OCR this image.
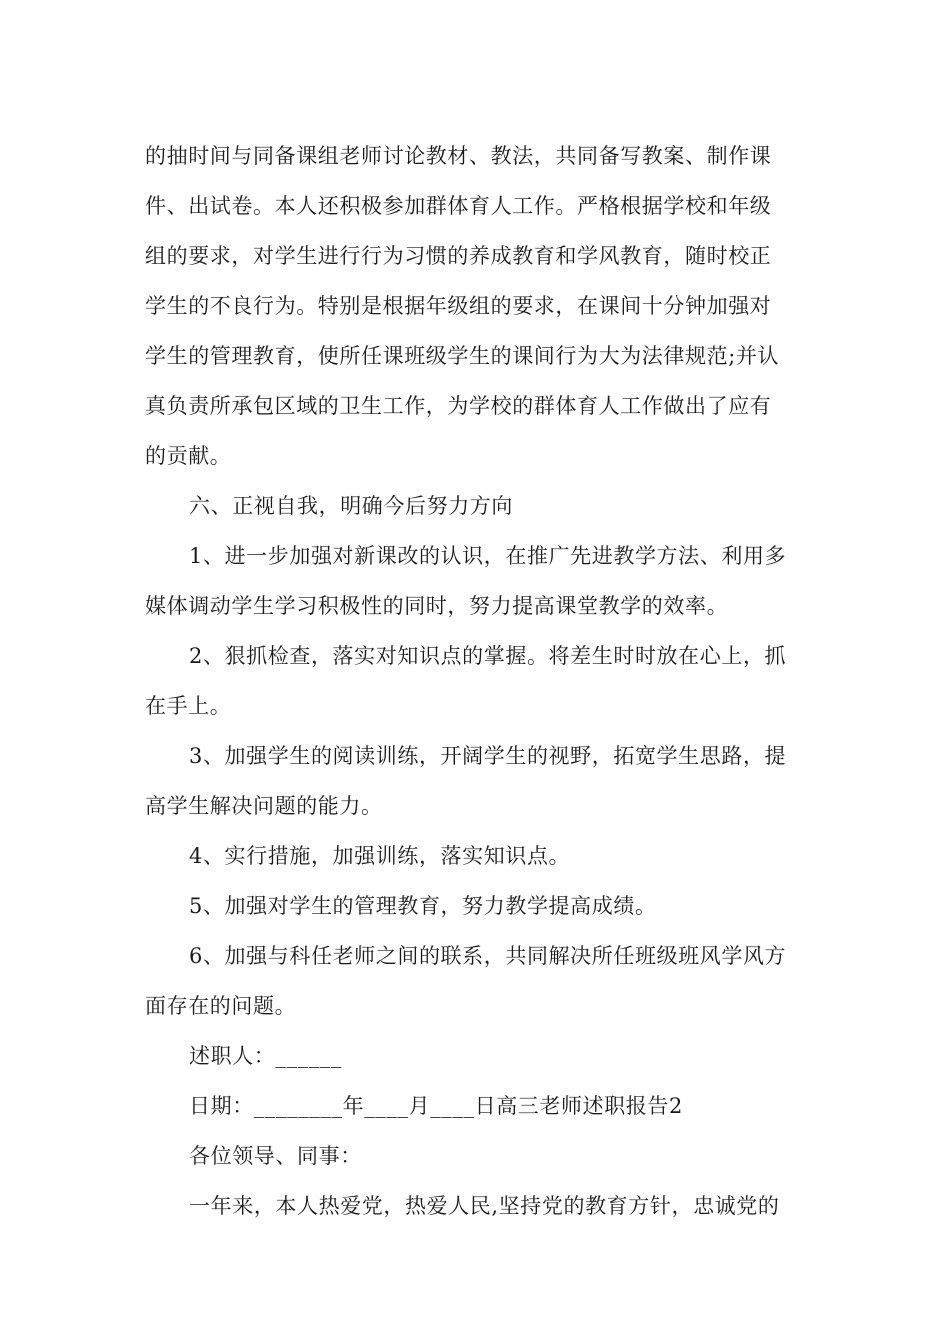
的抽时间与同备课组老师讨论教材、教法，共同备写教案、制作课
件、出试卷。本人还积极参加群体育人工作。严格根据学校和年级
组的要求，对学生进行行为习惯的养成教育和学风教育，随时校正
学生的不良行为。特别是根据年级组的要求，在课间十分钟加强对
学生的管理教育，使所任课班级学生的课间行为大为法律规范;并认
真负责所承包区域的卫生工作，为学校的群体育人工作做出了应有
的贡献。
六、正视自我，明确今后努力方向
1、进一步加强对新课改的认识，在推广先进教学方法、利用多
媒体调动学生学习积极性的同时，努力提高课堂教学的效率。
2、狠抓检查，落实对知识点的掌握。将差生时时放在心上，抓
在手上。
3、加强学生的阅读训练，开阔学生的视野，拓宽学生思路，提
高学生解决问题的能力。
4、实行措施，加强训练，落实知识点。
5、加强对学生的管理教育，努力教学提高成绩。
6、加强与科任老师之间的联系，共同解决所任班级班风学风方
面存在的问题。
述职人：______
日期：________年____月____日高三老师述职报告2
各位领导、同事：
一年来，本人热爱党，热爱人民,坚持党的教育方针，忠诚党的
